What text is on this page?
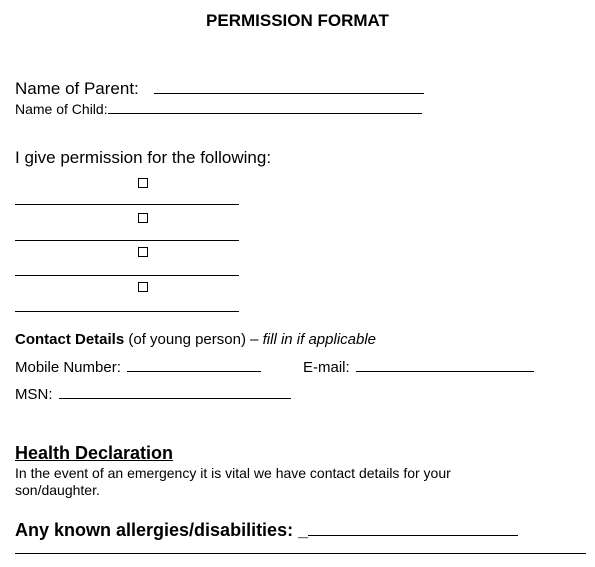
PERMISSION FORMAT
Name of Parent:
Name of Child:
I give permission for the following:
Contact Details (of young person) – fill in if applicable
Mobile Number:	E-mail:
MSN:
Health Declaration
In the event of an emergency it is vital we have contact details for your
son/daughter.
Any known allergies/disabilities: _
